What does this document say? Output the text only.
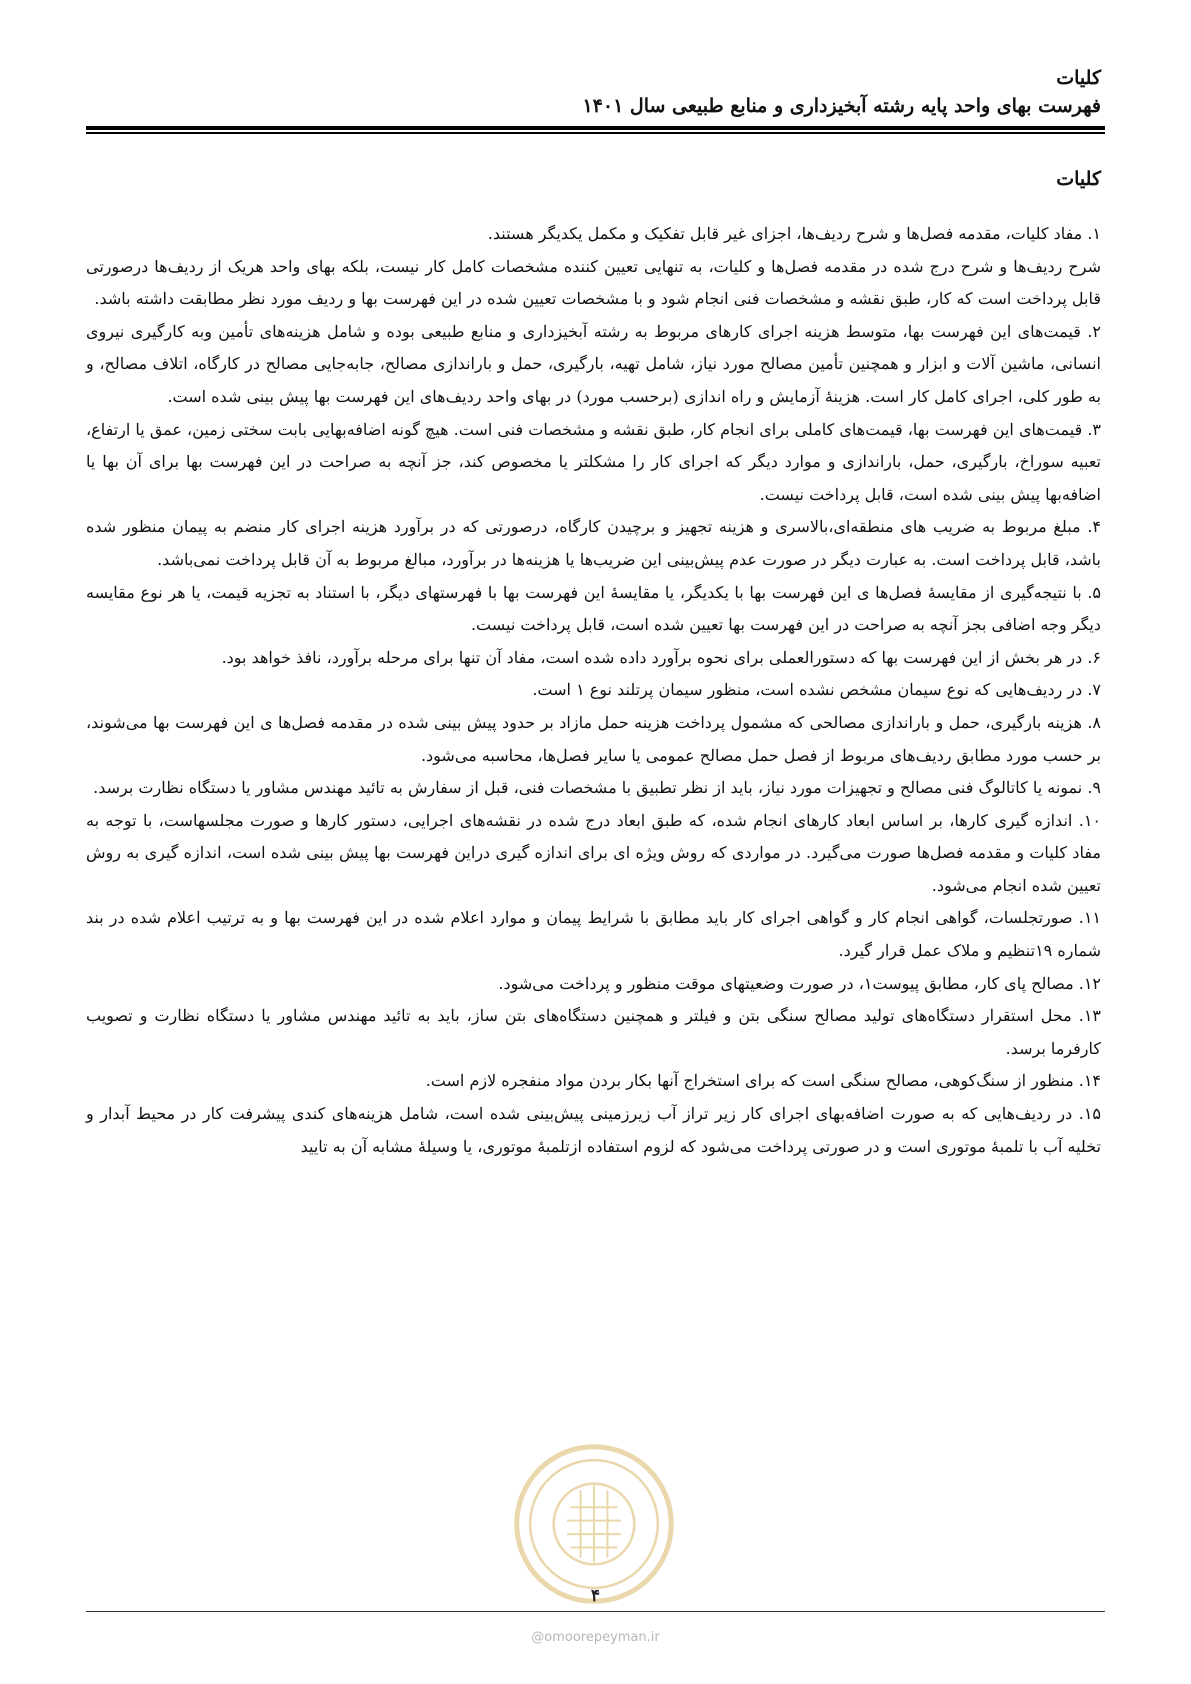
کلیات
فهرست بهای واحد پایه رشته آبخیزداری و منابع طبیعی سال ۱۴۰۱
کلیات

۱. مفاد کلیات، مقدمه فصل‌ها و شرح ردیف‌ها، اجزای غیر قابل تفکیک و مکمل یکدیگر هستند.

شرح ردیف‌ها و شرح درج شده در مقدمه فصل‌ها و کلیات، به تنهایی تعیین کننده مشخصات کامل کار نیست، بلکه بهای واحد هریک از ردیف‌ها درصورتی قابل پرداخت است که کار، طبق نقشه و مشخصات فنی انجام شود و با مشخصات تعیین شده در این فهرست بها و ردیف مورد نظر مطابقت داشته باشد.

۲. قیمت‌های این فهرست بها، متوسط هزینه اجرای کارهای مربوط به رشته آبخیزداری و منابع طبیعی بوده و شامل هزینه‌های تأمین وبه کارگیری نیروی انسانی، ماشین آلات و ابزار و همچنین تأمین مصالح مورد نیاز، شامل تهیه، بارگیری، حمل و باراندازی مصالح، جابه‌جایی مصالح در کارگاه، اتلاف مصالح، و به طور کلی، اجرای کامل کار است. هزینهٔ آزمایش و راه اندازی (برحسب مورد) در بهای واحد ردیف‌های این فهرست بها پیش بینی شده است.

۳. قیمت‌های این فهرست بها، قیمت‌های کاملی برای انجام کار، طبق نقشه و مشخصات فنی است. هیچ گونه اضافه‌بهایی بابت سختی زمین، عمق یا ارتفاع، تعبیه سوراخ، بارگیری، حمل، باراندازی و موارد دیگر که اجرای کار را مشکلتر یا مخصوص کند، جز آنچه به صراحت در این فهرست بها برای آن بها یا اضافه‌بها پیش بینی شده است، قابل پرداخت نیست.

۴. مبلغ مربوط به ضریب های منطقه‌ای،بالاسری و هزینه تجهیز و برچیدن کارگاه، درصورتی که در برآورد هزینه اجرای کار منضم به پیمان منظور شده باشد، قابل پرداخت است. به عبارت دیگر در صورت عدم پیش‌بینی این ضریب‌ها یا هزینه‌ها در برآورد، مبالغ مربوط به آن قابل پرداخت نمی‌باشد.

۵. با نتیجه‌گیری از مقایسهٔ فصل‌ها ی این فهرست بها با یکدیگر، یا مقایسهٔ این فهرست بها با فهرستهای دیگر، با استناد به تجزیه قیمت، یا هر نوع مقایسه دیگر وجه اضافی بجز آنچه به صراحت در این فهرست بها تعیین شده است، قابل پرداخت نیست.

۶. در هر بخش از این فهرست بها که دستورالعملی برای نحوه برآورد داده شده است، مفاد آن تنها برای مرحله برآورد، نافذ خواهد بود.

۷. در ردیف‌هایی که نوع سیمان مشخص نشده است، منظور سیمان پرتلند نوع ۱ است.

۸. هزینه بارگیری، حمل و باراندازی مصالحی که مشمول پرداخت هزینه حمل مازاد بر حدود پیش بینی شده در مقدمه فصل‌ها ی این فهرست بها می‌شوند، بر حسب مورد مطابق ردیف‌های مربوط از فصل حمل مصالح عمومی یا سایر فصل‌ها، محاسبه می‌شود.

۹. نمونه یا کاتالوگ فنی مصالح و تجهیزات مورد نیاز، باید از نظر تطبیق با مشخصات فنی، قبل از سفارش به تائید مهندس مشاور یا دستگاه نظارت برسد.

۱۰. اندازه گیری کارها، بر اساس ابعاد کارهای انجام شده، که طبق ابعاد درج شده در نقشه‌های اجرایی، دستور کارها و صورت مجلسهاست، با توجه به مفاد کلیات و مقدمه فصل‌ها صورت می‌گیرد. در مواردی که روش ویژه ای برای اندازه گیری دراین فهرست بها پیش بینی شده است، اندازه گیری به روش تعیین شده انجام می‌شود.

۱۱. صورتجلسات، گواهی انجام کار و گواهی اجرای کار باید مطابق با شرایط پیمان و موارد اعلام شده در این فهرست بها و به ترتیب اعلام شده در بند شماره ۱۹تنظیم و ملاک عمل قرار گیرد.

۱۲. مصالح پای کار، مطابق پیوست۱، در صورت وضعیتهای موقت منظور و پرداخت می‌شود.

۱۳. محل استقرار دستگاه‌های تولید مصالح سنگی بتن و فیلتر و همچنین دستگاه‌های بتن ساز، باید به تائید مهندس مشاور یا دستگاه نظارت و تصویب کارفرما برسد.

۱۴. منظور از سنگ‌کوهی، مصالح سنگی است که برای استخراج آنها بکار بردن مواد منفجره لازم است.

۱۵. در ردیف‌هایی که به صورت اضافه‌بهای اجرای کار زیر تراز آب زیرزمینی پیش‌بینی شده است، شامل هزینه‌های کندی پیشرفت کار در محیط آبدار و تخلیه آب با تلمبهٔ موتوری است و در صورتی پرداخت می‌شود که لزوم استفاده ازتلمبهٔ موتوری، یا وسیلهٔ مشابه آن به تایید

۴
@omoorepeyman.ir
